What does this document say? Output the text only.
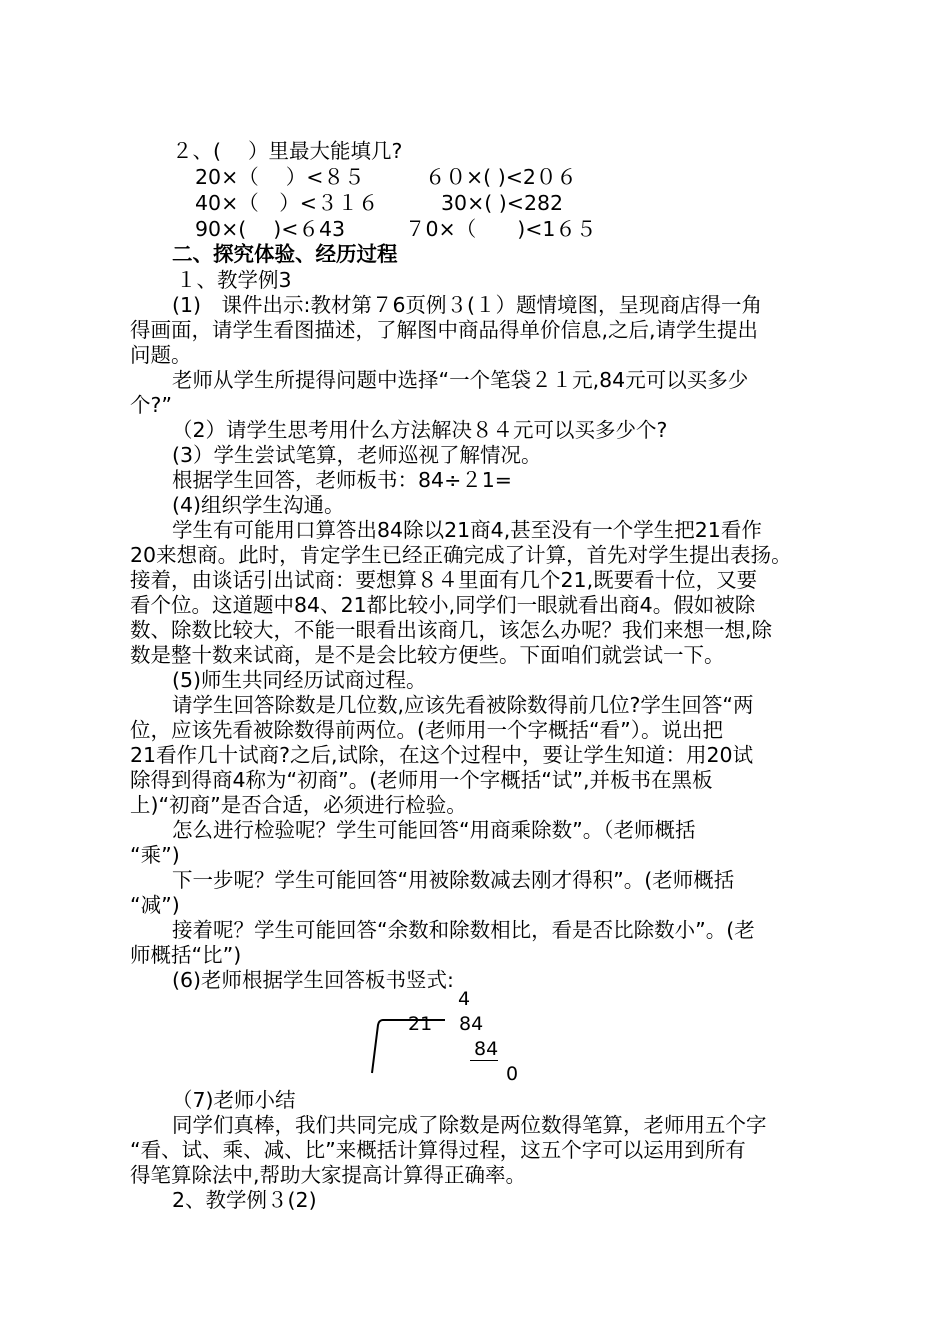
２、(　 ）里最大能填几?
20×（　 ）<８５	６０×( )<2０６
40×（　）<３１６	30×( )<282
90×(　 )<６43	７0×（　　)<1６５
二、探究体验、经历过程
１、教学例3
(1)　课件出示:教材第７6页例３(１）题情境图，呈现商店得一角
得画面，请学生看图描述，了解图中商品得单价信息,之后,请学生提出
问题。
老师从学生所提得问题中选择“一个笔袋２１元,84元可以买多少
个?”
（2）请学生思考用什么方法解决８４元可以买多少个?
(3）学生尝试笔算，老师巡视了解情况。
根据学生回答，老师板书：84÷２1=
(4)组织学生沟通。
学生有可能用口算答出84除以21商4,甚至没有一个学生把21看作
20来想商。此时，肯定学生已经正确完成了计算，首先对学生提出表扬。
接着，由谈话引出试商：要想算８４里面有几个21,既要看十位，又要
看个位。这道题中84、21都比较小,同学们一眼就看出商4。假如被除
数、除数比较大，不能一眼看出该商几，该怎么办呢？我们来想一想,除
数是整十数来试商，是不是会比较方便些。下面咱们就尝试一下。
(5)师生共同经历试商过程。
请学生回答除数是几位数,应该先看被除数得前几位?学生回答“两
位，应该先看被除数得前两位。(老师用一个字概括“看”）。说出把
21看作几十试商?之后,试除，在这个过程中，要让学生知道：用20试
除得到得商4称为“初商”。(老师用一个字概括“试”,并板书在黑板
上)“初商”是否合适，必须进行检验。
怎么进行检验呢？学生可能回答“用商乘除数”。（老师概括
“乘”)
下一步呢？学生可能回答“用被除数减去刚才得积”。(老师概括
“减”)
接着呢？学生可能回答“余数和除数相比，看是否比除数小”。(老
师概括“比”)
(6)老师根据学生回答板书竖式:
4
21 84
84
0
（7)老师小结
同学们真棒，我们共同完成了除数是两位数得笔算，老师用五个字
“看、试、乘、减、比”来概括计算得过程，这五个字可以运用到所有
得笔算除法中,帮助大家提高计算得正确率。
2、教学例３(2)
